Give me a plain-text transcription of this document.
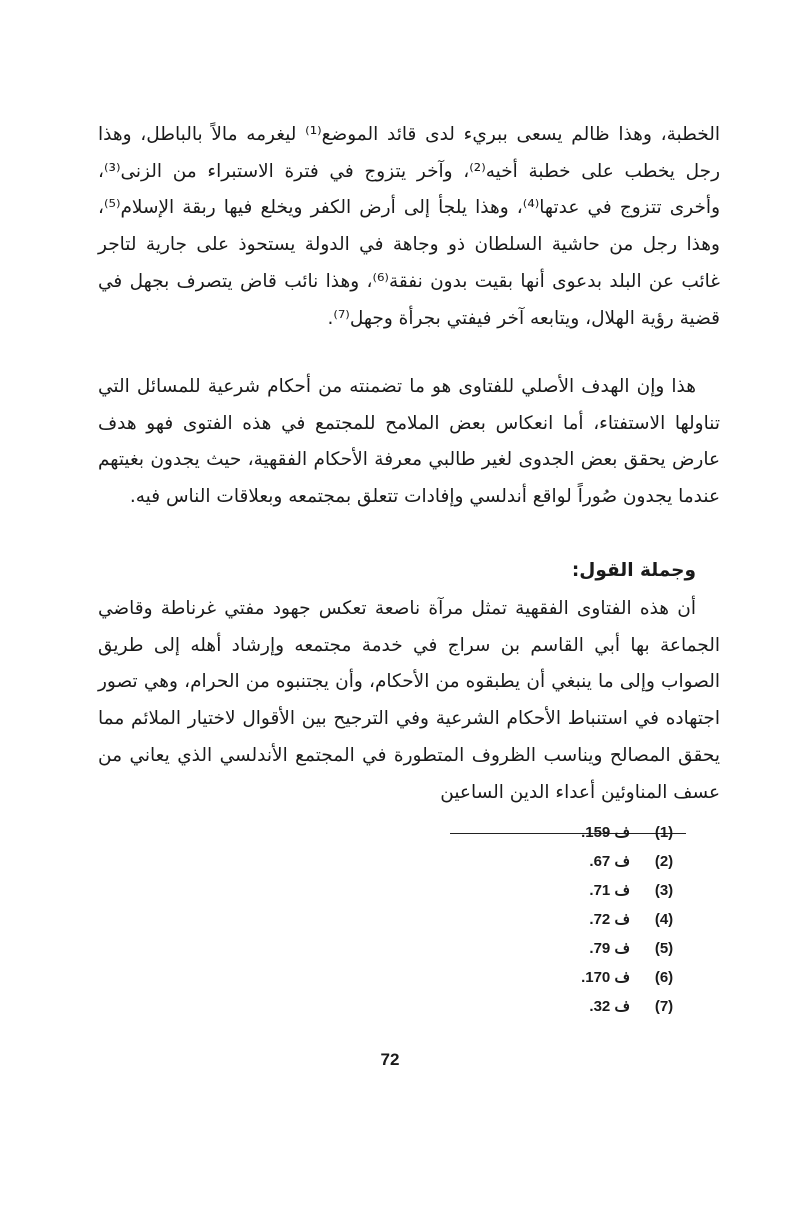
الخطبة، وهذا ظالم يسعى ببريء لدى قائد الموضع⁽¹⁾ ليغرمه مالاً بالباطل، وهذا رجل يخطب على خطبة أخيه⁽²⁾، وآخر يتزوج في فترة الاستبراء من الزنى⁽³⁾، وأخرى تتزوج في عدتها⁽⁴⁾، وهذا يلجأ إلى أرض الكفر ويخلع فيها ربقة الإسلام⁽⁵⁾، وهذا رجل من حاشية السلطان ذو وجاهة في الدولة يستحوذ على جارية لتاجر غائب عن البلد بدعوى أنها بقيت بدون نفقة⁽⁶⁾، وهذا نائب قاض يتصرف بجهل في قضية رؤية الهلال، ويتابعه آخر فيفتي بجرأة وجهل⁽⁷⁾.

هذا وإن الهدف الأصلي للفتاوى هو ما تضمنته من أحكام شرعية للمسائل التي تناولها الاستفتاء، أما انعكاس بعض الملامح للمجتمع في هذه الفتوى فهو هدف عارض يحقق بعض الجدوى لغير طالبي معرفة الأحكام الفقهية، حيث يجدون بغيتهم عندما يجدون صُوراً لواقع أندلسي وإفادات تتعلق بمجتمعه وبعلاقات الناس فيه.

وجملة القول:

أن هذه الفتاوى الفقهية تمثل مرآة ناصعة تعكس جهود مفتي غرناطة وقاضي الجماعة بها أبي القاسم بن سراج في خدمة مجتمعه وإرشاد أهله إلى طريق الصواب وإلى ما ينبغي أن يطبقوه من الأحكام، وأن يجتنبوه من الحرام، وهي تصور اجتهاده في استنباط الأحكام الشرعية وفي الترجيح بين الأقوال لاختيار الملائم مما يحقق المصالح ويناسب الظروف المتطورة في المجتمع الأندلسي الذي يعاني من عسف المناوئين أعداء الدين الساعين

(1)
ف 159.
(2)
ف 67.
(3)
ف 71.
(4)
ف 72.
(5)
ف 79.
(6)
ف 170.
(7)
ف 32.
72
